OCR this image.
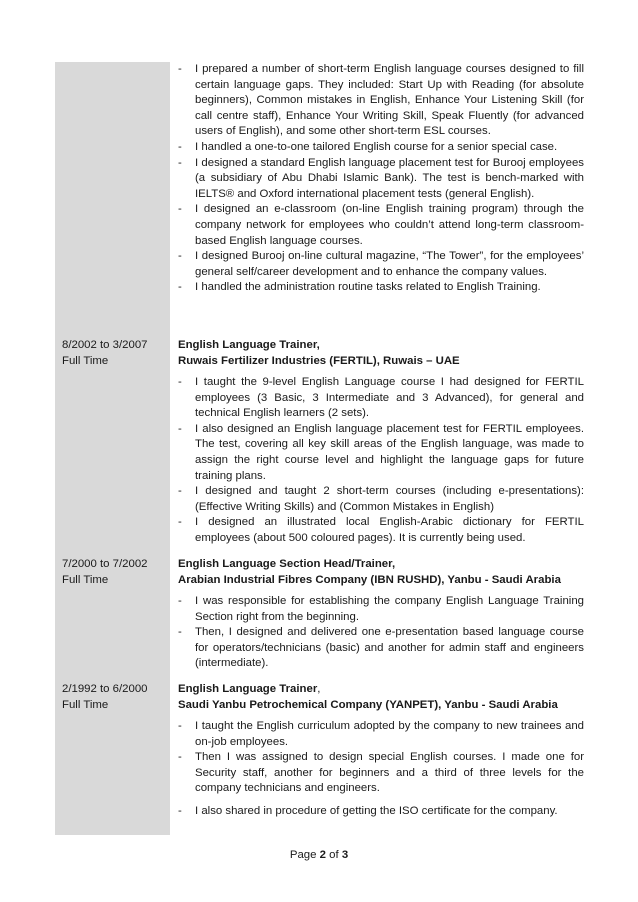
- I prepared a number of short-term English language courses designed to fill certain language gaps. They included: Start Up with Reading (for absolute beginners), Common mistakes in English, Enhance Your Listening Skill (for call centre staff), Enhance Your Writing Skill, Speak Fluently (for advanced users of English), and some other short-term ESL courses.
- I handled a one-to-one tailored English course for a senior special case.
- I designed a standard English language placement test for Burooj employees (a subsidiary of Abu Dhabi Islamic Bank). The test is bench-marked with IELTS® and Oxford international placement tests (general English).
- I designed an e-classroom (on-line English training program) through the company network for employees who couldn’t attend long-term classroom-based English language courses.
- I designed Burooj on-line cultural magazine, “The Tower”, for the employees’ general self/career development and to enhance the company values.
- I handled the administration routine tasks related to English Training.
8/2002 to 3/2007
Full Time
English Language Trainer,
Ruwais Fertilizer Industries (FERTIL), Ruwais – UAE
- I taught the 9-level English Language course I had designed for FERTIL employees (3 Basic, 3 Intermediate and 3 Advanced), for general and technical English learners (2 sets).
- I also designed an English language placement test for FERTIL employees. The test, covering all key skill areas of the English language, was made to assign the right course level and highlight the language gaps for future training plans.
- I designed and taught 2 short-term courses (including e-presentations): (Effective Writing Skills) and (Common Mistakes in English)
- I designed an illustrated local English-Arabic dictionary for FERTIL employees (about 500 coloured pages). It is currently being used.
7/2000 to 7/2002
Full Time
English Language Section Head/Trainer,
Arabian Industrial Fibres Company (IBN RUSHD), Yanbu - Saudi Arabia
- I was responsible for establishing the company English Language Training Section right from the beginning.
- Then, I designed and delivered one e-presentation based language course for operators/technicians (basic) and another for admin staff and engineers (intermediate).
2/1992 to 6/2000
Full Time
English Language Trainer,
Saudi Yanbu Petrochemical Company (YANPET), Yanbu - Saudi Arabia
- I taught the English curriculum adopted by the company to new trainees and on-job employees.
- Then I was assigned to design special English courses. I made one for Security staff, another for beginners and a third of three levels for the company technicians and engineers.
- I also shared in procedure of getting the ISO certificate for the company.
Page 2 of 3
